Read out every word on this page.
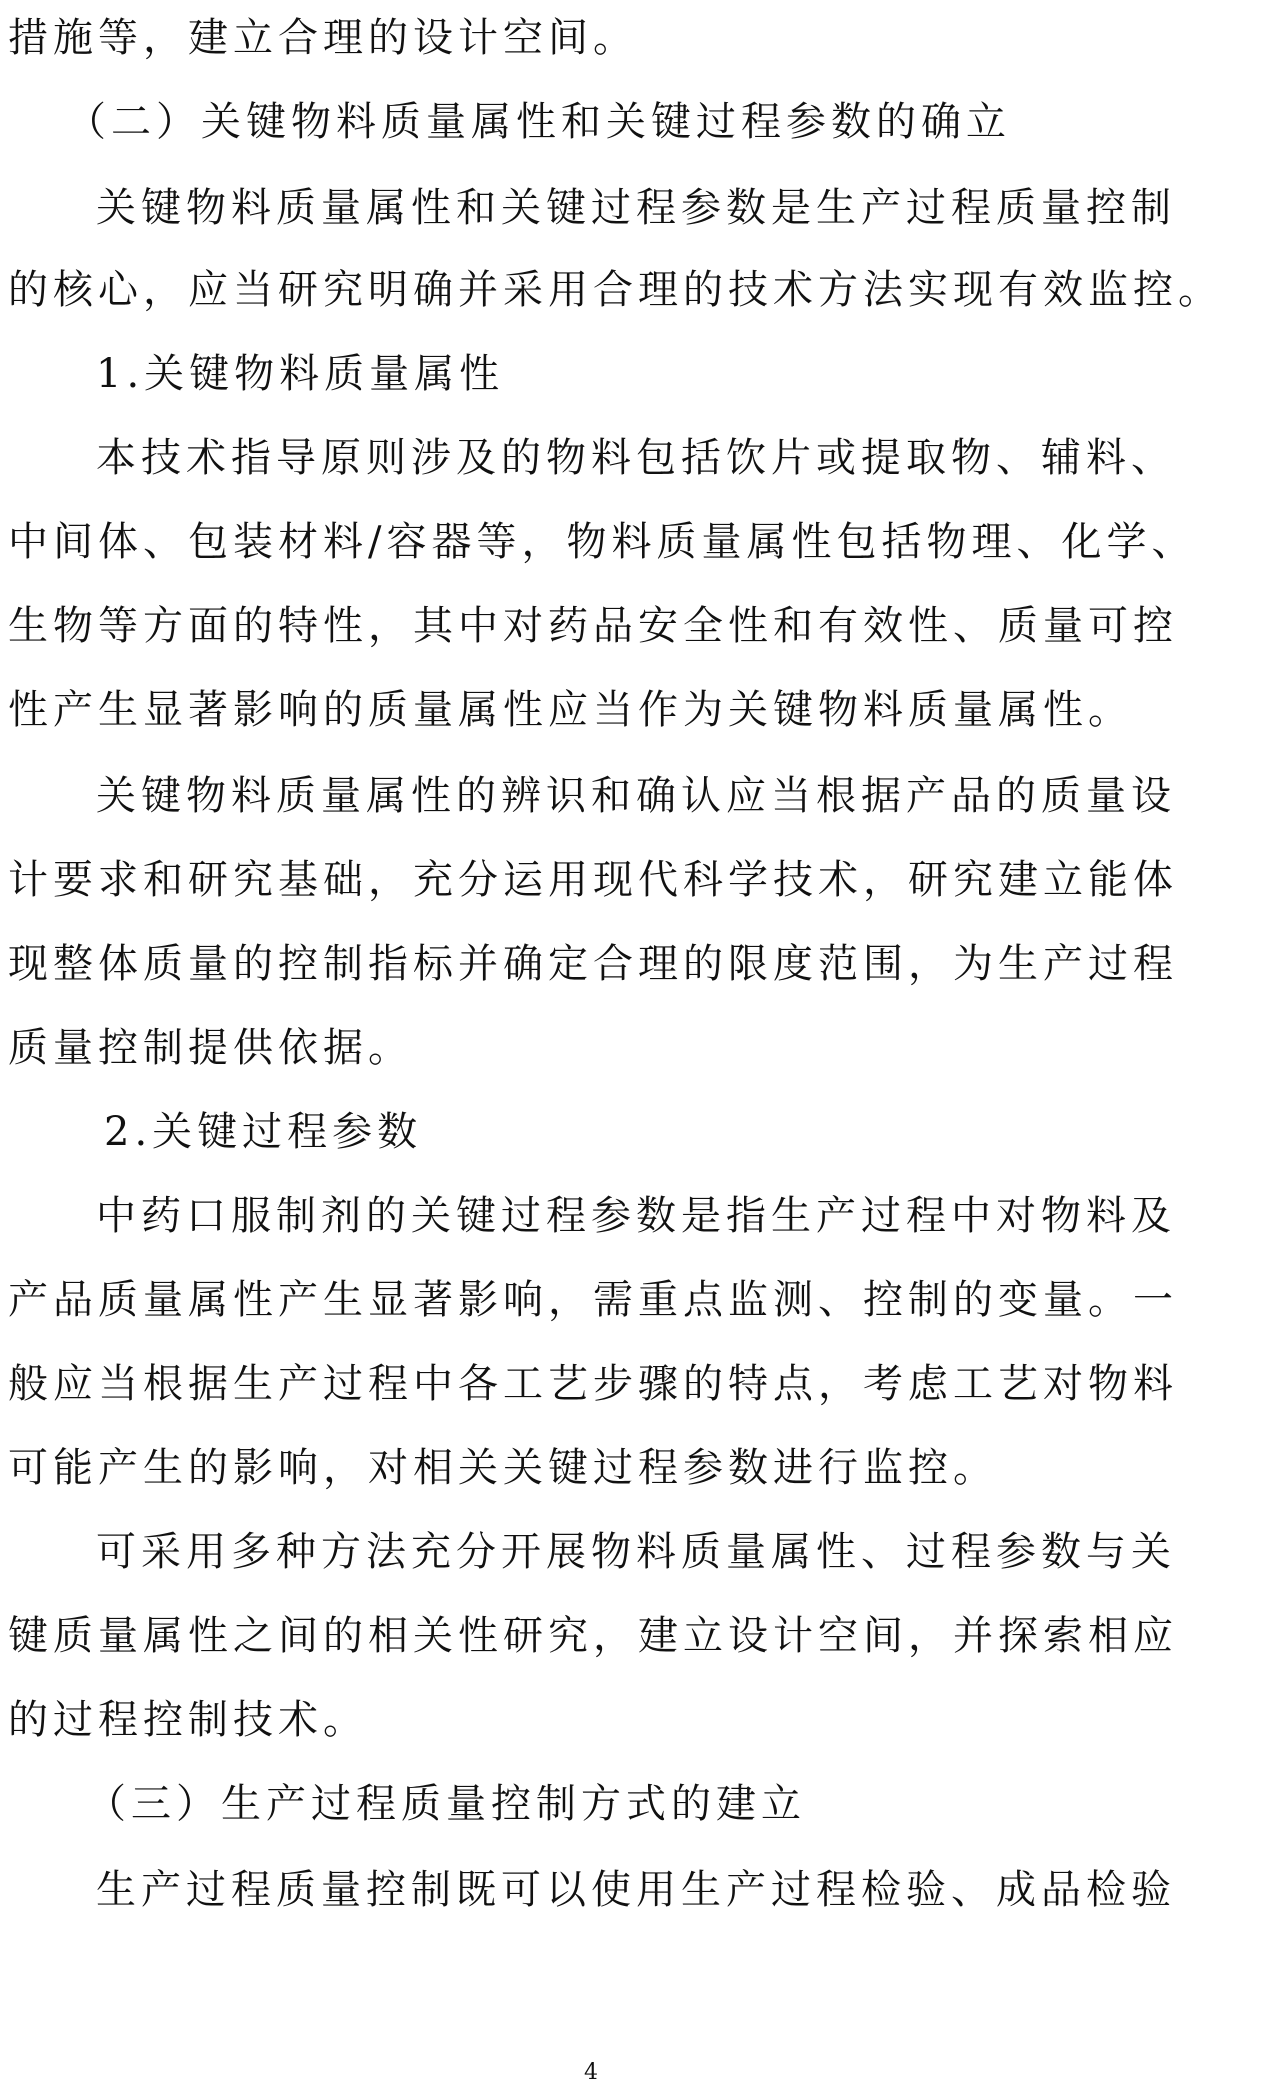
措施等，建立合理的设计空间。
（二）关键物料质量属性和关键过程参数的确立
关键物料质量属性和关键过程参数是生产过程质量控制
的核心，应当研究明确并采用合理的技术方法实现有效监控。
1.关键物料质量属性
本技术指导原则涉及的物料包括饮片或提取物、辅料、
中间体、包装材料/容器等，物料质量属性包括物理、化学、
生物等方面的特性，其中对药品安全性和有效性、质量可控
性产生显著影响的质量属性应当作为关键物料质量属性。
关键物料质量属性的辨识和确认应当根据产品的质量设
计要求和研究基础，充分运用现代科学技术，研究建立能体
现整体质量的控制指标并确定合理的限度范围，为生产过程
质量控制提供依据。
2.关键过程参数
中药口服制剂的关键过程参数是指生产过程中对物料及
产品质量属性产生显著影响，需重点监测、控制的变量。一
般应当根据生产过程中各工艺步骤的特点，考虑工艺对物料
可能产生的影响，对相关关键过程参数进行监控。
可采用多种方法充分开展物料质量属性、过程参数与关
键质量属性之间的相关性研究，建立设计空间，并探索相应
的过程控制技术。
（三）生产过程质量控制方式的建立
生产过程质量控制既可以使用生产过程检验、成品检验
4
